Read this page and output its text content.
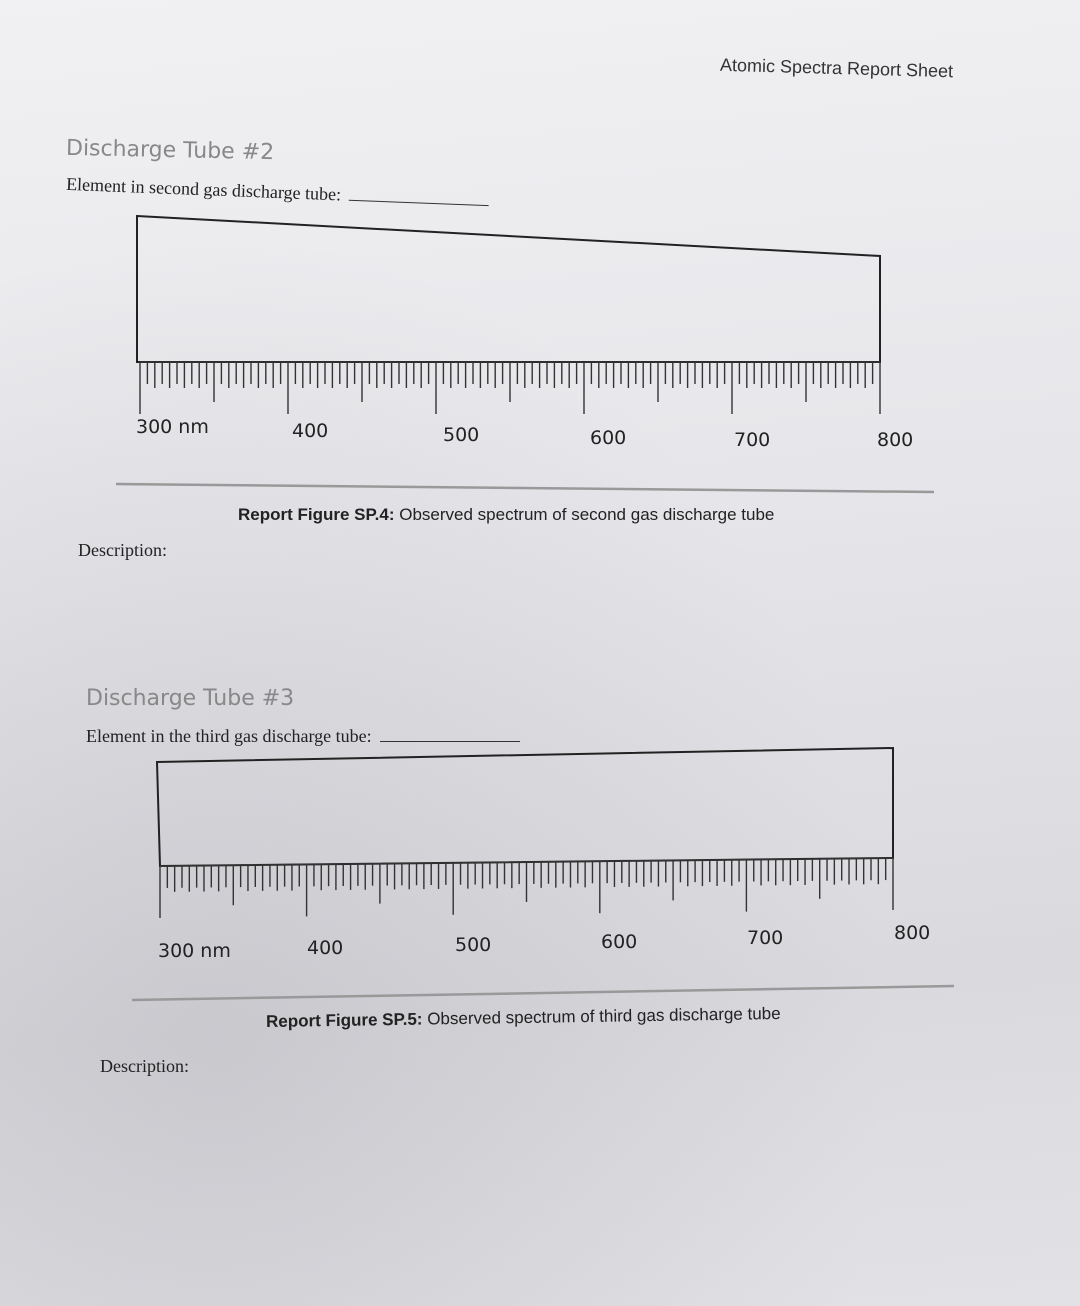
Atomic Spectra Report Sheet
Discharge Tube #2
Element in second gas discharge tube:
300 nm	400	500	600	700	800
Report Figure SP.4: Observed spectrum of second gas discharge tube
Description:
Discharge Tube #3
Element in the third gas discharge tube:
300 nm	400	500	600	700	800
Report Figure SP.5: Observed spectrum of third gas discharge tube
Description:
